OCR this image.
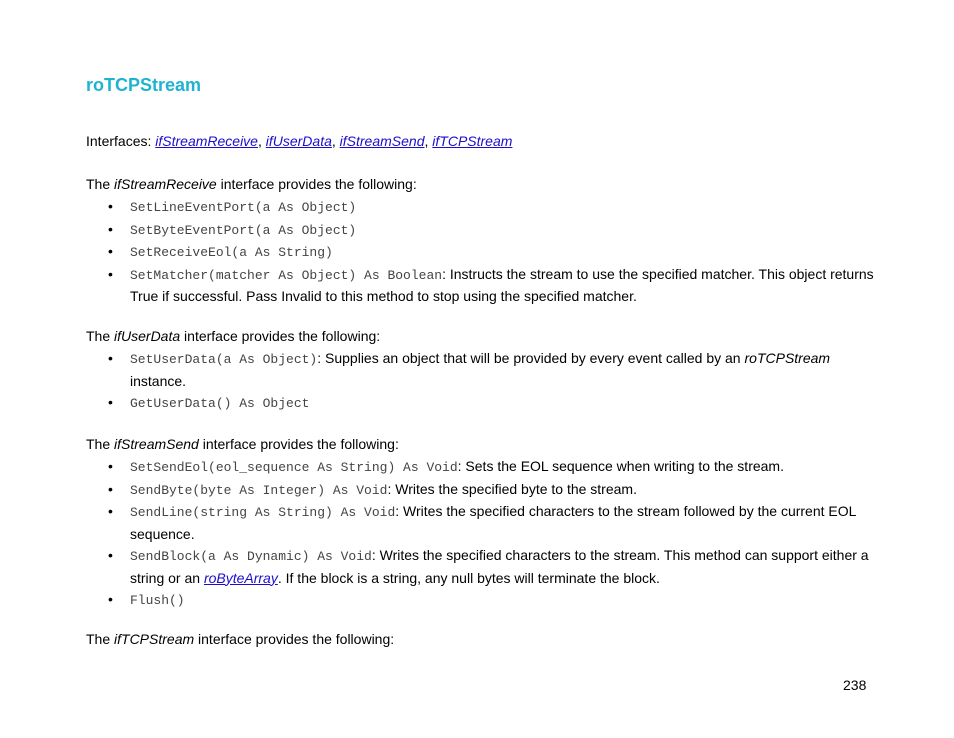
roTCPStream

Interfaces: ifStreamReceive, ifUserData, ifStreamSend, ifTCPStream

The ifStreamReceive interface provides the following:

• SetLineEventPort(a As Object)
• SetByteEventPort(a As Object)
• SetReceiveEol(a As String)
• SetMatcher(matcher As Object) As Boolean: Instructs the stream to use the specified matcher. This object returns True if successful. Pass Invalid to this method to stop using the specified matcher.

The ifUserData interface provides the following:

• SetUserData(a As Object): Supplies an object that will be provided by every event called by an roTCPStream instance.
• GetUserData() As Object

The ifStreamSend interface provides the following:

• SetSendEol(eol_sequence As String) As Void: Sets the EOL sequence when writing to the stream.
• SendByte(byte As Integer) As Void: Writes the specified byte to the stream.
• SendLine(string As String) As Void: Writes the specified characters to the stream followed by the current EOL sequence.
• SendBlock(a As Dynamic) As Void: Writes the specified characters to the stream. This method can support either a string or an roByteArray. If the block is a string, any null bytes will terminate the block.
• Flush()

The ifTCPStream interface provides the following:

238
